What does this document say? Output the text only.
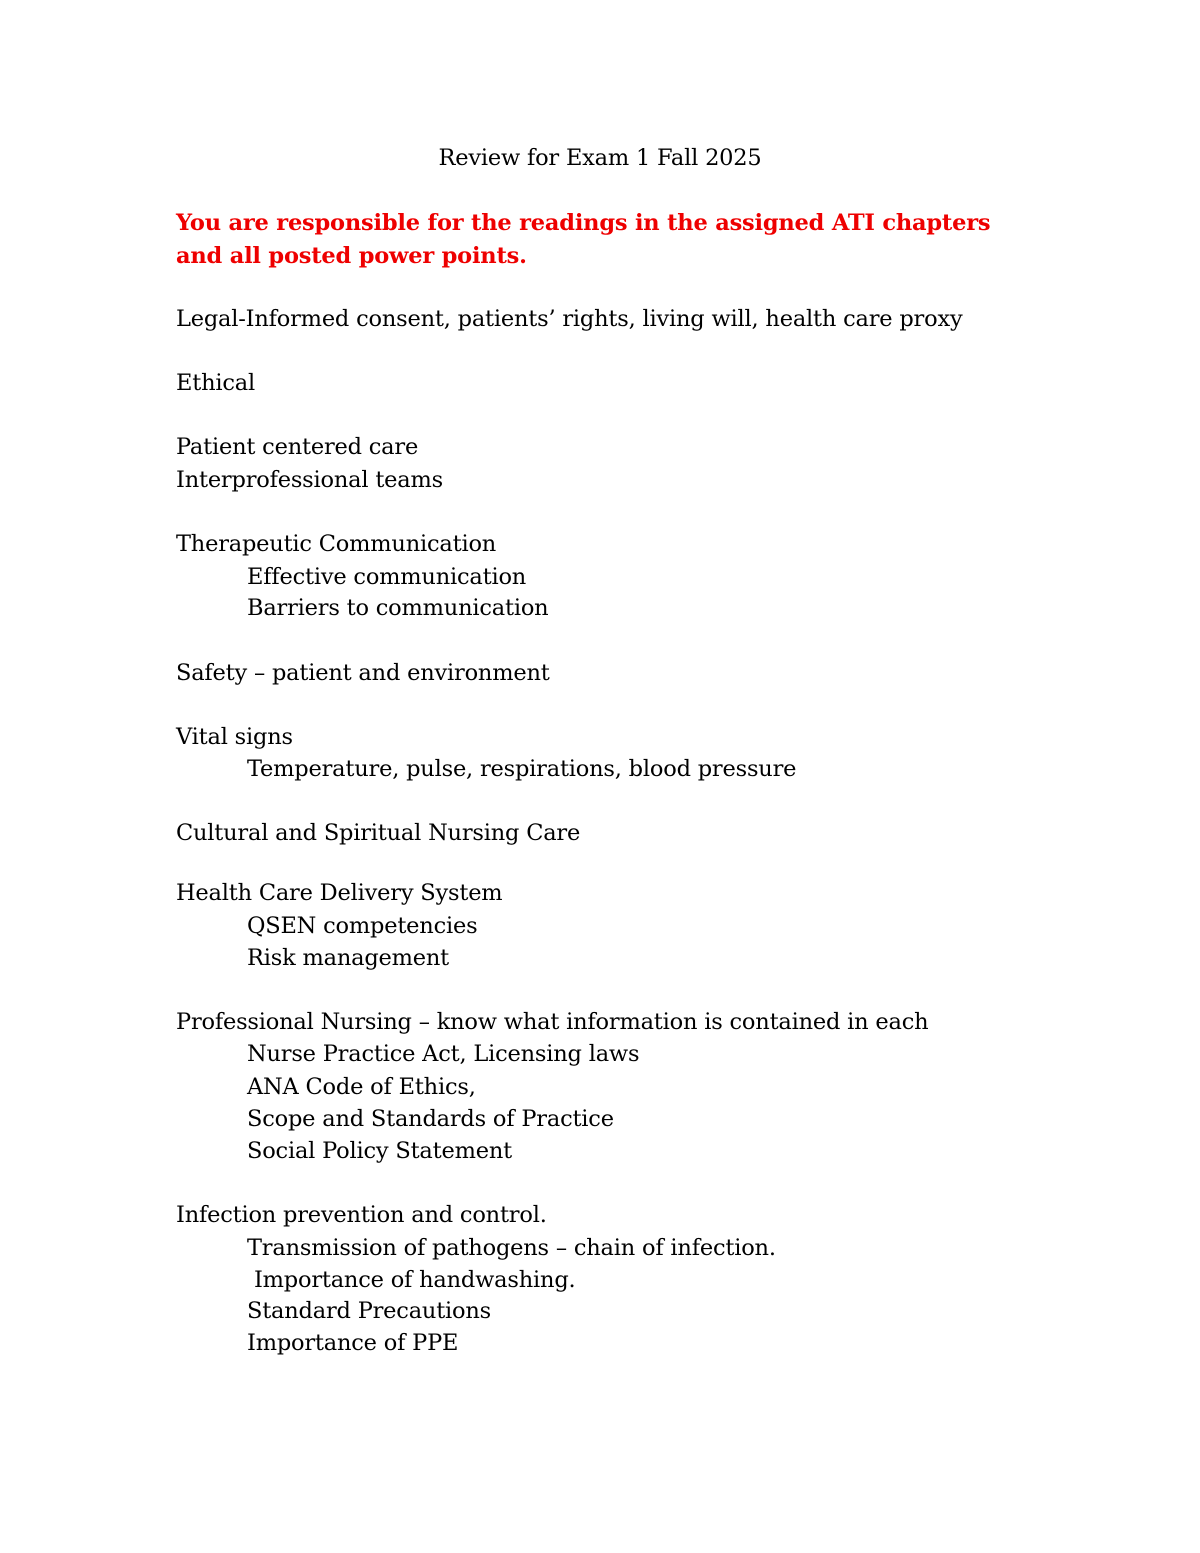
Review for Exam 1 Fall 2025
You are responsible for the readings in the assigned ATI chapters
and all posted power points.
Legal-Informed consent, patients’ rights, living will, health care proxy
Ethical
Patient centered care
Interprofessional teams
Therapeutic Communication
Effective communication
Barriers to communication
Safety – patient and environment
Vital signs
Temperature, pulse, respirations, blood pressure
Cultural and Spiritual Nursing Care
Health Care Delivery System
QSEN competencies
Risk management
Professional Nursing – know what information is contained in each
Nurse Practice Act, Licensing laws
ANA Code of Ethics,
Scope and Standards of Practice
Social Policy Statement
Infection prevention and control.
Transmission of pathogens – chain of infection.
Importance of handwashing.
Standard Precautions
Importance of PPE
